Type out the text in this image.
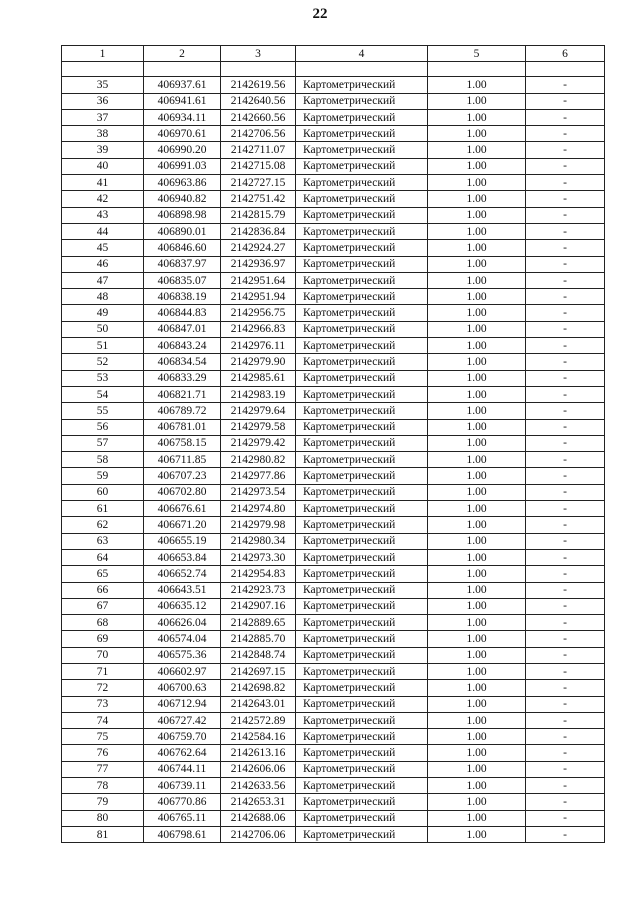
22
1	2	3	4	5	6

35	406937.61	2142619.56	Картометрический	1.00	-
36	406941.61	2142640.56	Картометрический	1.00	-
37	406934.11	2142660.56	Картометрический	1.00	-
38	406970.61	2142706.56	Картометрический	1.00	-
39	406990.20	2142711.07	Картометрический	1.00	-
40	406991.03	2142715.08	Картометрический	1.00	-
41	406963.86	2142727.15	Картометрический	1.00	-
42	406940.82	2142751.42	Картометрический	1.00	-
43	406898.98	2142815.79	Картометрический	1.00	-
44	406890.01	2142836.84	Картометрический	1.00	-
45	406846.60	2142924.27	Картометрический	1.00	-
46	406837.97	2142936.97	Картометрический	1.00	-
47	406835.07	2142951.64	Картометрический	1.00	-
48	406838.19	2142951.94	Картометрический	1.00	-
49	406844.83	2142956.75	Картометрический	1.00	-
50	406847.01	2142966.83	Картометрический	1.00	-
51	406843.24	2142976.11	Картометрический	1.00	-
52	406834.54	2142979.90	Картометрический	1.00	-
53	406833.29	2142985.61	Картометрический	1.00	-
54	406821.71	2142983.19	Картометрический	1.00	-
55	406789.72	2142979.64	Картометрический	1.00	-
56	406781.01	2142979.58	Картометрический	1.00	-
57	406758.15	2142979.42	Картометрический	1.00	-
58	406711.85	2142980.82	Картометрический	1.00	-
59	406707.23	2142977.86	Картометрический	1.00	-
60	406702.80	2142973.54	Картометрический	1.00	-
61	406676.61	2142974.80	Картометрический	1.00	-
62	406671.20	2142979.98	Картометрический	1.00	-
63	406655.19	2142980.34	Картометрический	1.00	-
64	406653.84	2142973.30	Картометрический	1.00	-
65	406652.74	2142954.83	Картометрический	1.00	-
66	406643.51	2142923.73	Картометрический	1.00	-
67	406635.12	2142907.16	Картометрический	1.00	-
68	406626.04	2142889.65	Картометрический	1.00	-
69	406574.04	2142885.70	Картометрический	1.00	-
70	406575.36	2142848.74	Картометрический	1.00	-
71	406602.97	2142697.15	Картометрический	1.00	-
72	406700.63	2142698.82	Картометрический	1.00	-
73	406712.94	2142643.01	Картометрический	1.00	-
74	406727.42	2142572.89	Картометрический	1.00	-
75	406759.70	2142584.16	Картометрический	1.00	-
76	406762.64	2142613.16	Картометрический	1.00	-
77	406744.11	2142606.06	Картометрический	1.00	-
78	406739.11	2142633.56	Картометрический	1.00	-
79	406770.86	2142653.31	Картометрический	1.00	-
80	406765.11	2142688.06	Картометрический	1.00	-
81	406798.61	2142706.06	Картометрический	1.00	-
